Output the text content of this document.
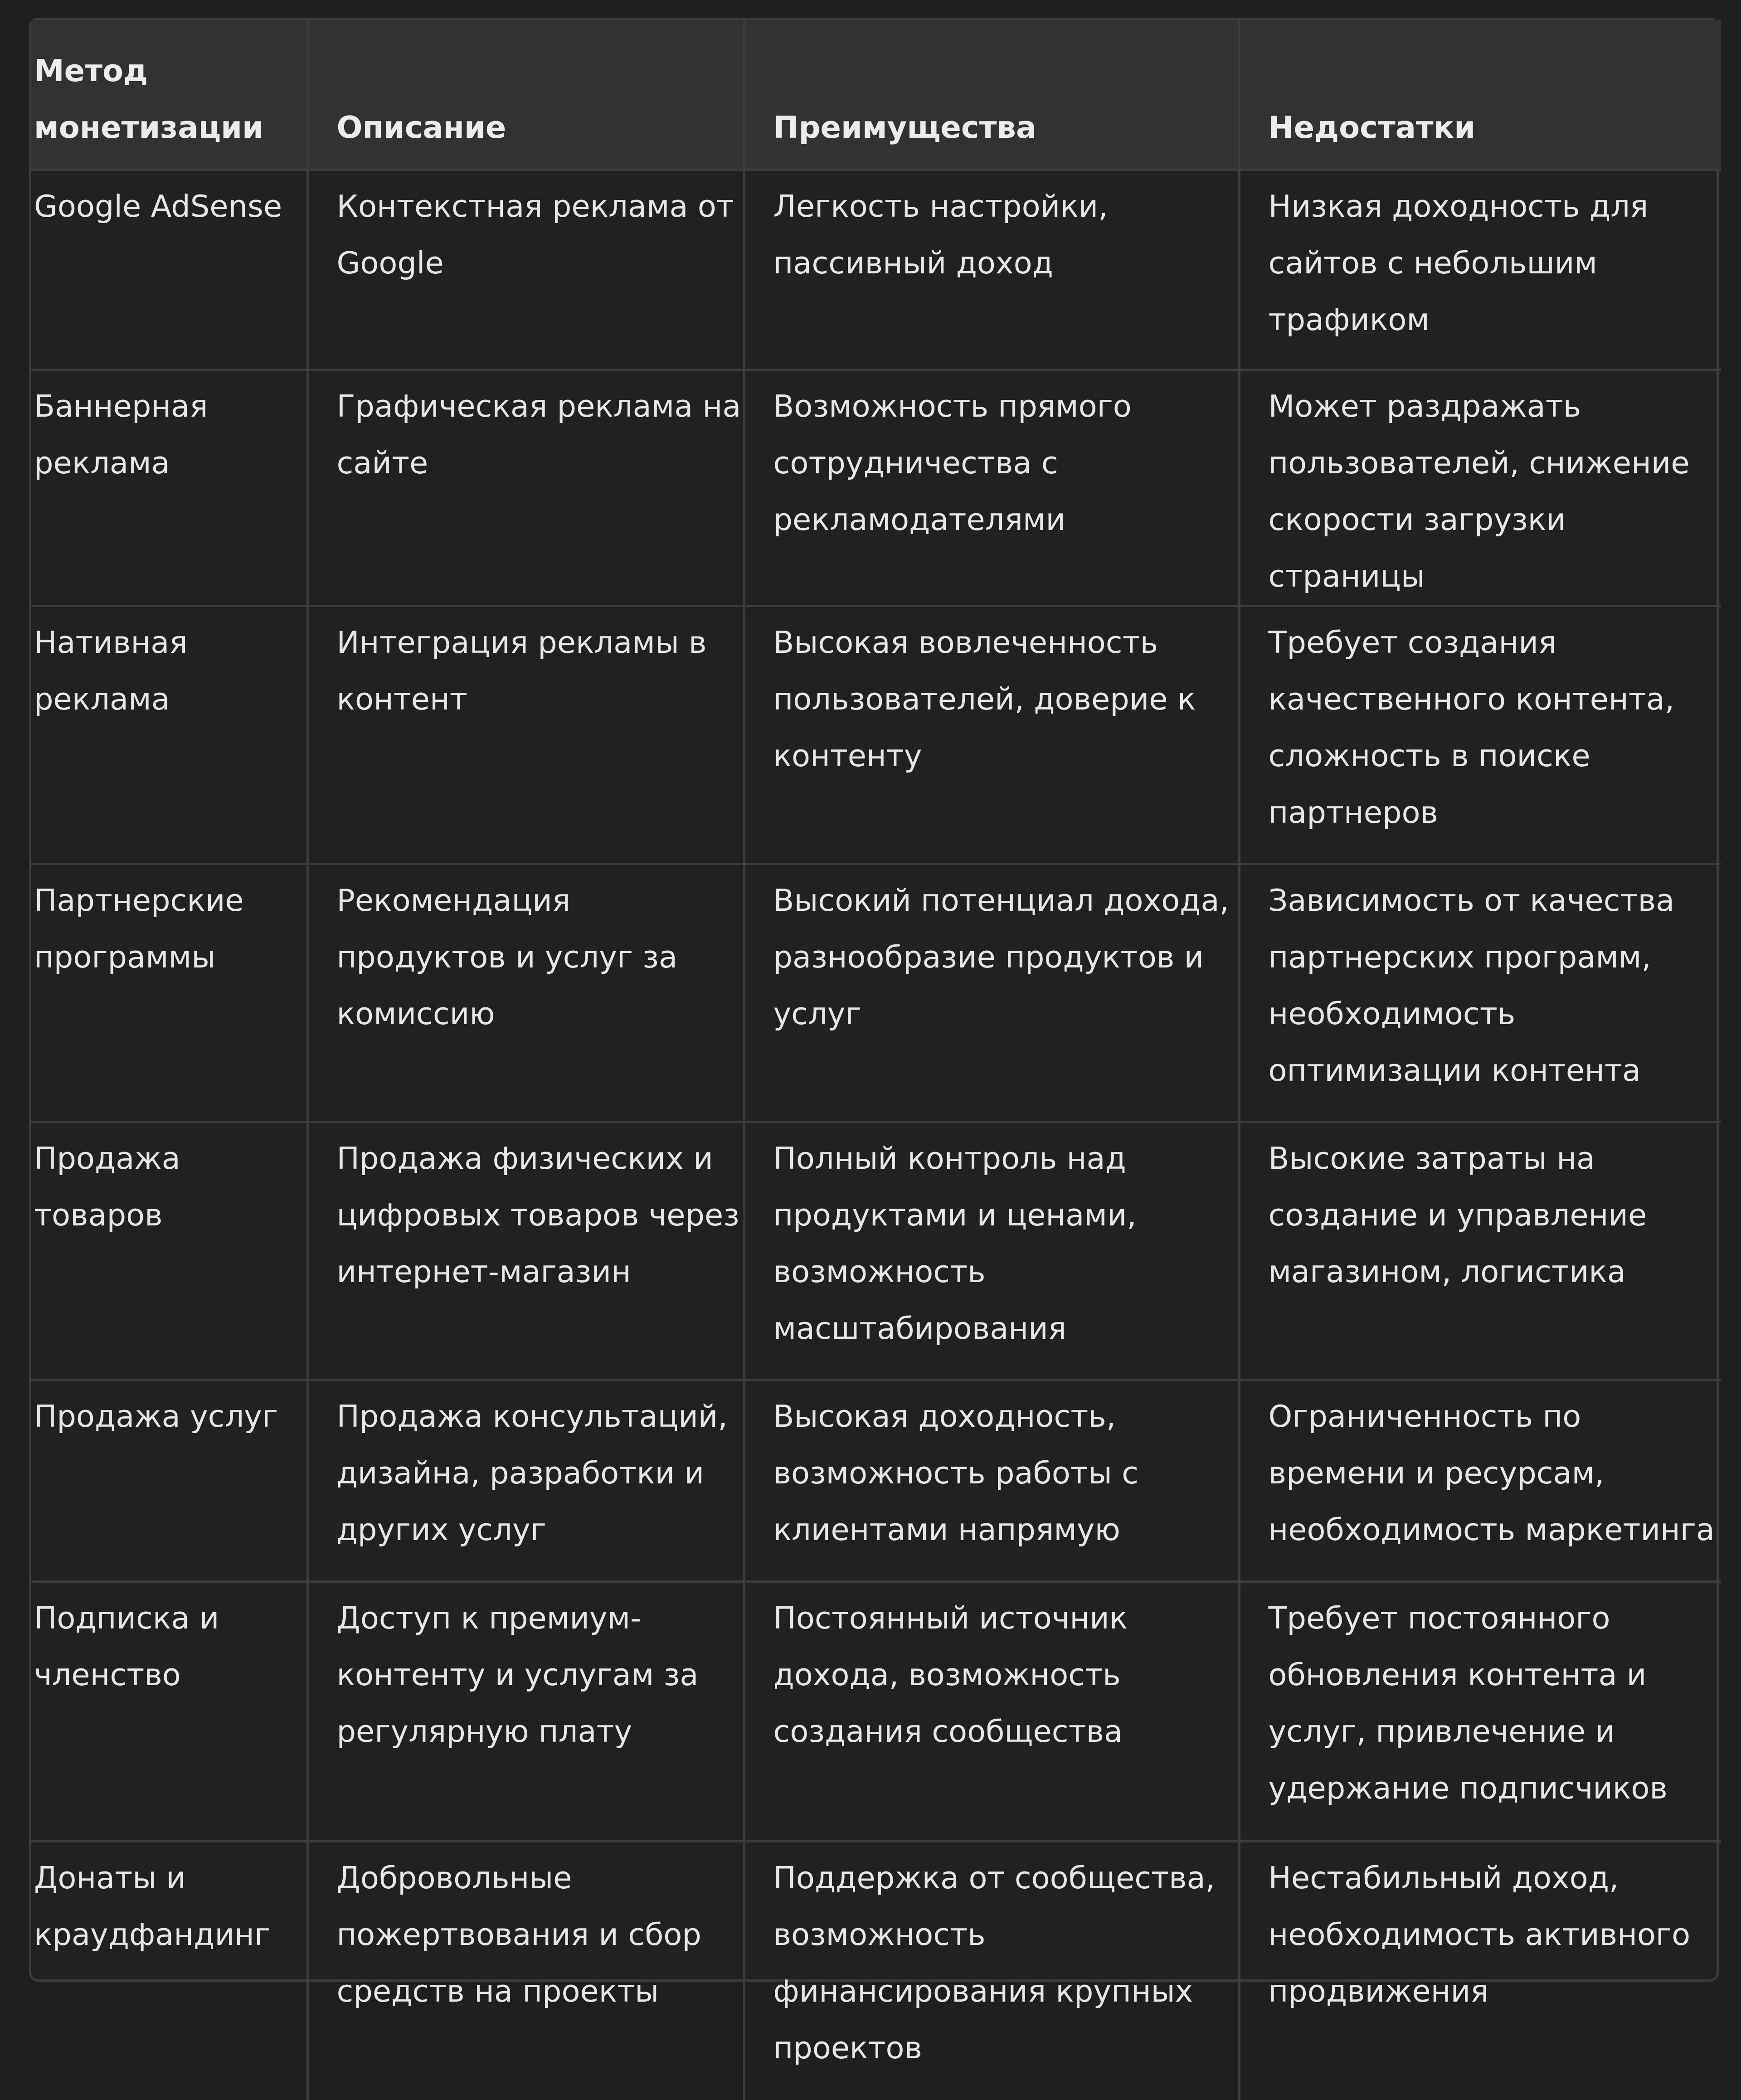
Метод монетизации	Описание	Преимущества	Недостатки
Google AdSense	Контекстная реклама от Google	Легкость настройки, пассивный доход	Низкая доходность для сайтов с небольшим трафиком
Баннерная реклама	Графическая реклама на сайте	Возможность прямого сотрудничества с рекламодателями	Может раздражать пользователей, снижение скорости загрузки страницы
Нативная реклама	Интеграция рекламы в контент	Высокая вовлеченность пользователей, доверие к контенту	Требует создания качественного контента, сложность в поиске партнеров
Партнерские программы	Рекомендация продуктов и услуг за комиссию	Высокий потенциал дохода, разнообразие продуктов и услуг	Зависимость от качества партнерских программ, необходимость оптимизации контента
Продажа товаров	Продажа физических и цифровых товаров через интернет-магазин	Полный контроль над продуктами и ценами, возможность масштабирования	Высокие затраты на создание и управление магазином, логистика
Продажа услуг	Продажа консультаций, дизайна, разработки и других услуг	Высокая доходность, возможность работы с клиентами напрямую	Ограниченность по времени и ресурсам, необходимость маркетинга
Подписка и членство	Доступ к премиум-контенту и услугам за регулярную плату	Постоянный источник дохода, возможность создания сообщества	Требует постоянного обновления контента и услуг, привлечение и удержание подписчиков
Донаты и краудфандинг	Добровольные пожертвования и сбор средств на проекты	Поддержка от сообщества, возможность финансирования крупных проектов	Нестабильный доход, необходимость активного продвижения
